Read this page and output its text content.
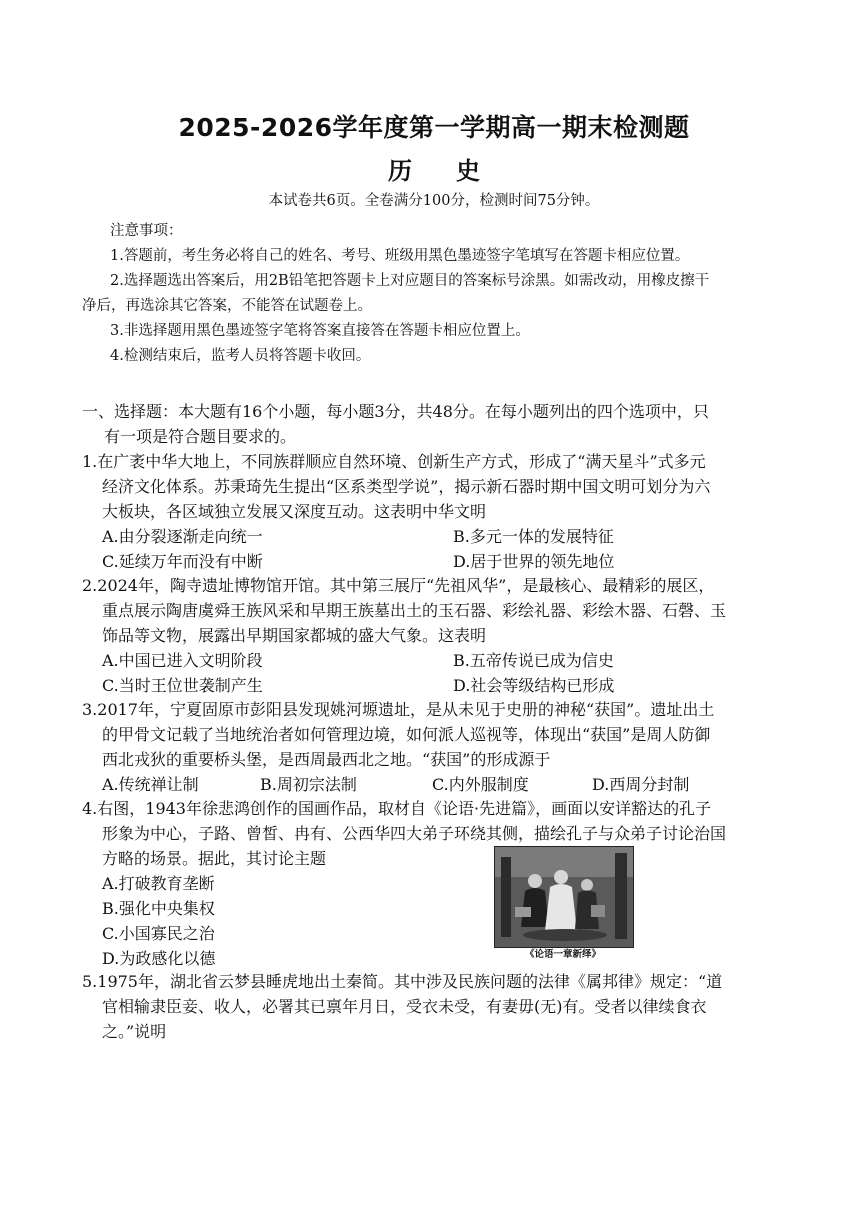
2025-2026学年度第一学期高一期末检测题
历 史
本试卷共6页。全卷满分100分，检测时间75分钟。
注意事项：

1.答题前，考生务必将自己的姓名、考号、班级用黑色墨迹签字笔填写在答题卡相应位置。

2.选择题选出答案后，用2B铅笔把答题卡上对应题目的答案标号涂黑。如需改动，用橡皮擦干

净后，再选涂其它答案，不能答在试题卷上。

3.非选择题用黑色墨迹签字笔将答案直接答在答题卡相应位置上。

4.检测结束后，监考人员将答题卡收回。

一、选择题：本大题有16个小题，每小题3分，共48分。在每小题列出的四个选项中，只
有一项是符合题目要求的。

1.在广袤中华大地上，不同族群顺应自然环境、创新生产方式，形成了“满天星斗”式多元

经济文化体系。苏秉琦先生提出“区系类型学说”，揭示新石器时期中国文明可划分为六

大板块，各区域独立发展又深度互动。这表明中华文明

A.由分裂逐渐走向统一	B.多元一体的发展特征
C.延续万年而没有中断	D.居于世界的领先地位

2.2024年，陶寺遗址博物馆开馆。其中第三展厅“先祖风华”，是最核心、最精彩的展区，

重点展示陶唐虞舜王族风采和早期王族墓出土的玉石器、彩绘礼器、彩绘木器、石磬、玉

饰品等文物，展露出早期国家都城的盛大气象。这表明

A.中国已进入文明阶段	B.五帝传说已成为信史
C.当时王位世袭制产生	D.社会等级结构已形成

3.2017年，宁夏固原市彭阳县发现姚河塬遗址，是从未见于史册的神秘“获国”。遗址出土

的甲骨文记载了当地统治者如何管理边境，如何派人巡视等，体现出“获国”是周人防御

西北戎狄的重要桥头堡，是西周最西北之地。“获国”的形成源于

A.传统禅让制	B.周初宗法制	C.内外服制度	D.西周分封制

4.右图，1943年徐悲鸿创作的国画作品，取材自《论语·先进篇》，画面以安详豁达的孔子

形象为中心，子路、曾皙、冉有、公西华四大弟子环绕其侧，描绘孔子与众弟子讨论治国

方略的场景。据此，其讨论主题

A.打破教育垄断
B.强化中央集权
C.小国寡民之治
D.为政感化以德	《论语一章新绎》

5.1975年，湖北省云梦县睡虎地出土秦简。其中涉及民族问题的法律《属邦律》规定：“道

官相输隶臣妾、收人，必署其已禀年月日，受衣未受，有妻毋(无)有。受者以律续食衣

之。”说明
